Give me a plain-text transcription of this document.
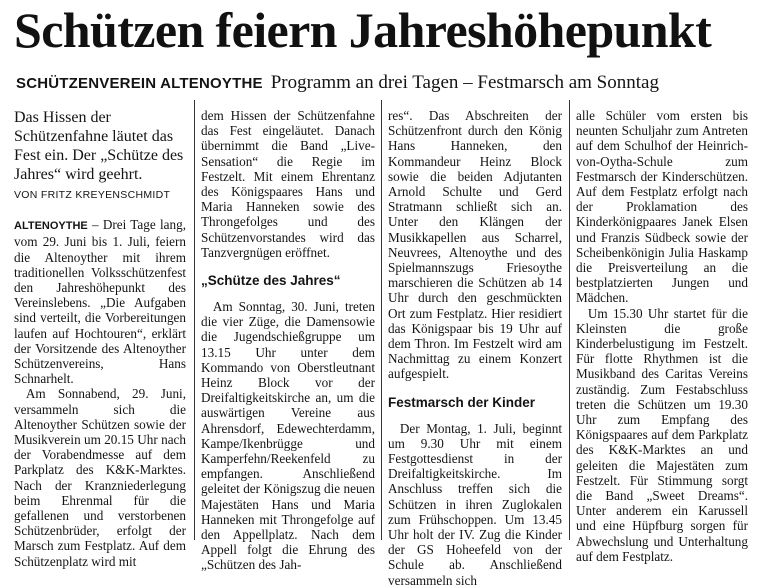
Schützen feiern Jahreshöhepunkt
SCHÜTZENVEREIN ALTENOYTHE Programm an drei Tagen – Festmarsch am Sonntag
Das Hissen der Schützenfahne läutet das Fest ein. Der „Schütze des Jahres“ wird geehrt.
VON FRITZ KREYENSCHMIDT

ALTENOYTHE – Drei Tage lang, vom 29. Juni bis 1. Juli, feiern die Altenoyther mit ihrem traditionellen Volksschützenfest den Jahreshöhepunkt des Vereinslebens. „Die Aufgaben sind verteilt, die Vorbereitungen laufen auf Hochtouren“, erklärt der Vorsitzende des Altenoyther Schützenvereins, Hans Schnarhelt.

Am Sonnabend, 29. Juni, versammeln sich die Altenoyther Schützen sowie der Musikverein um 20.15 Uhr nach der Vorabendmesse auf dem Parkplatz des K&K-Marktes. Nach der Kranzniederlegung beim Ehrenmal für die gefallenen und verstorbenen Schützenbrüder, erfolgt der Marsch zum Festplatz. Auf dem Schützenplatz wird mit

dem Hissen der Schützenfahne das Fest eingeläutet. Danach übernimmt die Band „Live-Sensation“ die Regie im Festzelt. Mit einem Ehrentanz des Königspaares Hans und Maria Hanneken sowie des Throngefolges und des Schützenvorstandes wird das Tanzvergnügen eröffnet.

„Schütze des Jahres“

Am Sonntag, 30. Juni, treten die vier Züge, die Damensowie die Jugendschießgruppe um 13.15 Uhr unter dem Kommando von Oberstleutnant Heinz Block vor der Dreifaltigkeitskirche an, um die auswärtigen Vereine aus Ahrensdorf, Edewechterdamm, Kampe/Ikenbrügge und Kamperfehn/Reekenfeld zu empfangen. Anschließend geleitet der Königszug die neuen Majestäten Hans und Maria Hanneken mit Throngefolge auf den Appellplatz. Nach dem Appell folgt die Ehrung des „Schützen des Jah-

res“. Das Abschreiten der Schützenfront durch den König Hans Hanneken, den Kommandeur Heinz Block sowie die beiden Adjutanten Arnold Schulte und Gerd Stratmann schließt sich an. Unter den Klängen der Musikkapellen aus Scharrel, Neuvrees, Altenoythe und des Spielmannszugs Friesoythe marschieren die Schützen ab 14 Uhr durch den geschmückten Ort zum Festplatz. Hier residiert das Königspaar bis 19 Uhr auf dem Thron. Im Festzelt wird am Nachmittag zu einem Konzert aufgespielt.

Festmarsch der Kinder

Der Montag, 1. Juli, beginnt um 9.30 Uhr mit einem Festgottesdienst in der Dreifaltigkeitskirche. Im Anschluss treffen sich die Schützen in ihren Zuglokalen zum Frühschoppen. Um 13.45 Uhr holt der IV. Zug die Kinder der GS Hoheefeld von der Schule ab. Anschließend versammeln sich

alle Schüler vom ersten bis neunten Schuljahr zum Antreten auf dem Schulhof der Heinrich-von-Oytha-Schule zum Festmarsch der Kinderschützen. Auf dem Festplatz erfolgt nach der Proklamation des Kinderkönigpaares Janek Elsen und Franzis Südbeck sowie der Scheibenkönigin Julia Haskamp die Preisverteilung an die bestplatzierten Jungen und Mädchen.

Um 15.30 Uhr startet für die Kleinsten die große Kinderbelustigung im Festzelt. Für flotte Rhythmen ist die Musikband des Caritas Vereins zuständig. Zum Festabschluss treten die Schützen um 19.30 Uhr zum Empfang des Königspaares auf dem Parkplatz des K&K-Marktes an und geleiten die Majestäten zum Festzelt. Für Stimmung sorgt die Band „Sweet Dreams“. Unter anderem ein Karussell und eine Hüpfburg sorgen für Abwechslung und Unterhaltung auf dem Festplatz.
